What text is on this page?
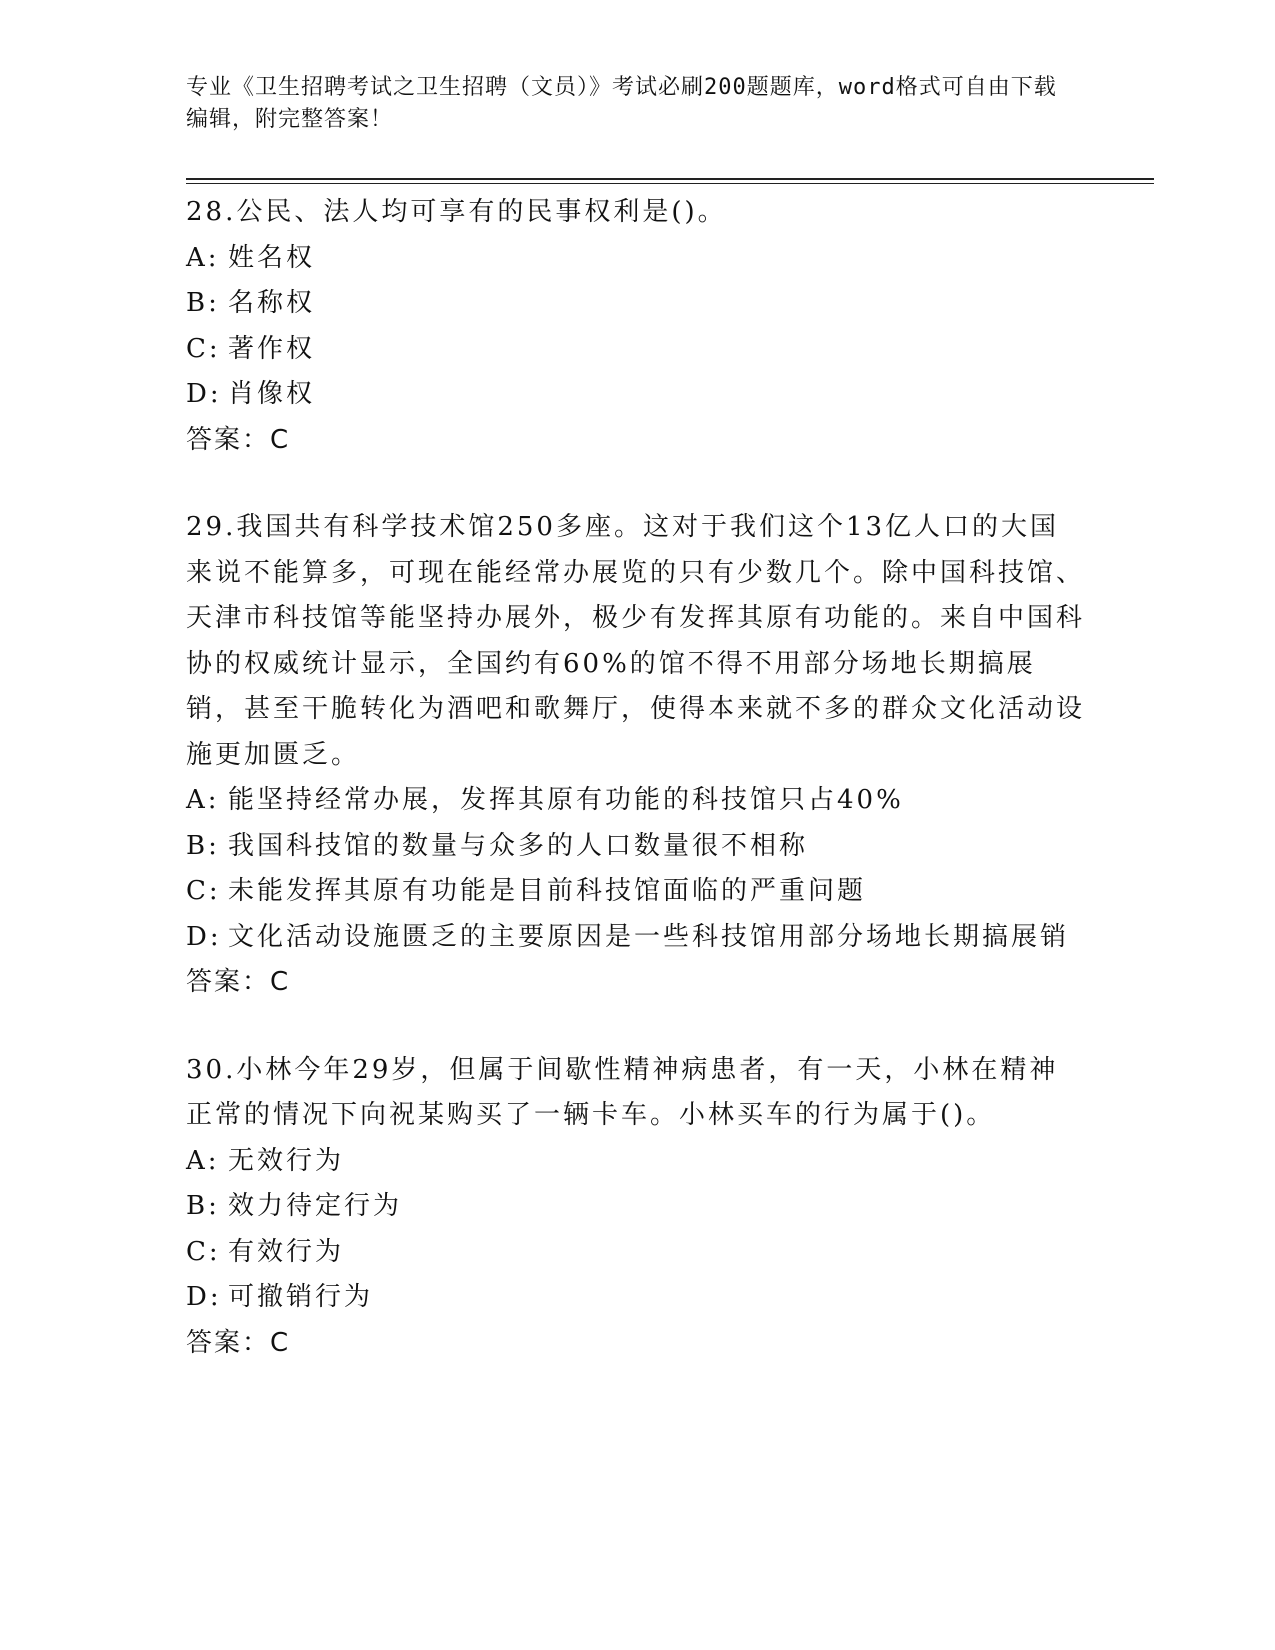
专业《卫生招聘考试之卫生招聘（文员）》考试必刷200题题库，word格式可自由下载编辑，附完整答案！

28.公民、法人均可享有的民事权利是()。

A: 姓名权
B: 名称权
C: 著作权
D: 肖像权

答案：C

29.我国共有科学技术馆250多座。这对于我们这个13亿人口的大国来说不能算多，可现在能经常办展览的只有少数几个。除中国科技馆、天津市科技馆等能坚持办展外，极少有发挥其原有功能的。来自中国科协的权威统计显示，全国约有60%的馆不得不用部分场地长期搞展销，甚至干脆转化为酒吧和歌舞厅，使得本来就不多的群众文化活动设施更加匮乏。

A: 能坚持经常办展，发挥其原有功能的科技馆只占40%
B: 我国科技馆的数量与众多的人口数量很不相称
C: 未能发挥其原有功能是目前科技馆面临的严重问题
D: 文化活动设施匮乏的主要原因是一些科技馆用部分场地长期搞展销

答案：C

30.小林今年29岁，但属于间歇性精神病患者，有一天，小林在精神正常的情况下向祝某购买了一辆卡车。小林买车的行为属于()。

A: 无效行为
B: 效力待定行为
C: 有效行为
D: 可撤销行为

答案：C
